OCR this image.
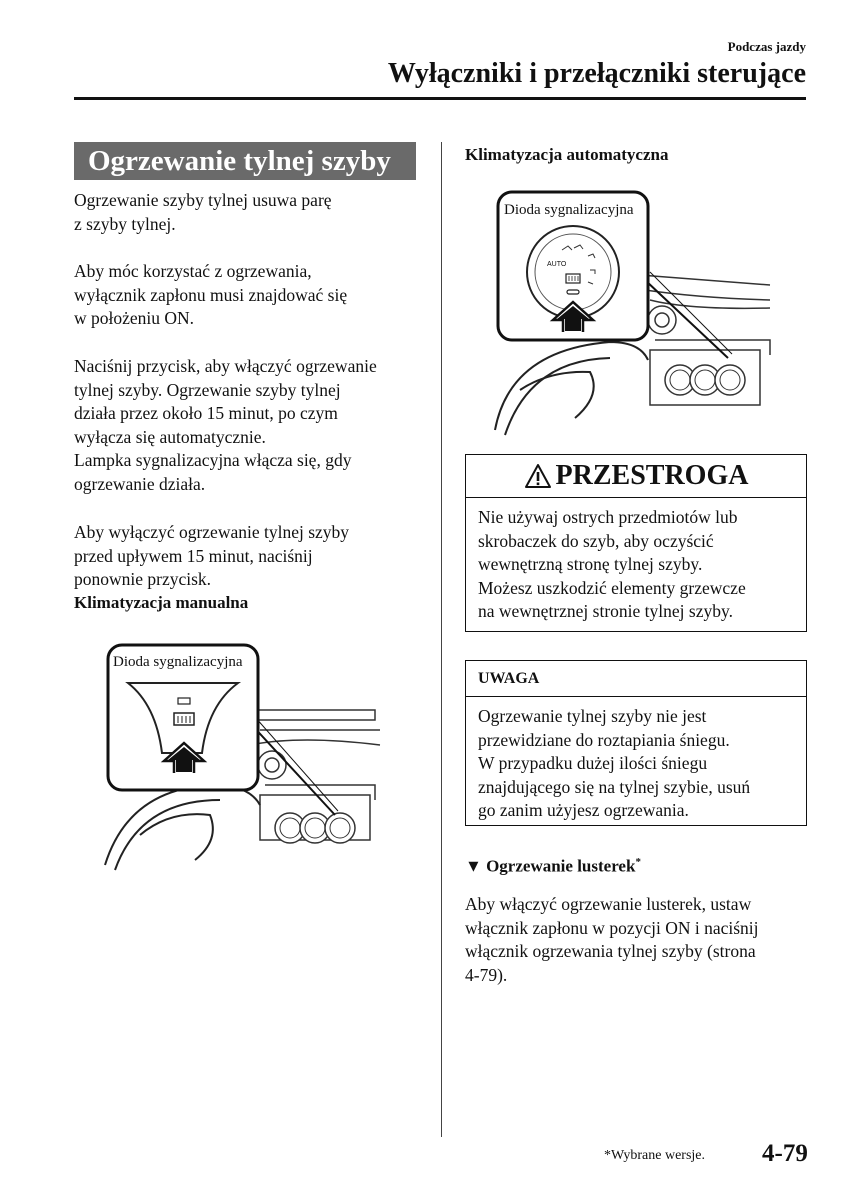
Podczas jazdy
Wyłączniki i przełączniki sterujące
Ogrzewanie tylnej szyby

Ogrzewanie szyby tylnej usuwa parę

z szyby tylnej.

Aby móc korzystać z ogrzewania,

wyłącznik zapłonu musi znajdować się

w położeniu ON.

Naciśnij przycisk, aby włączyć ogrzewanie

tylnej szyby. Ogrzewanie szyby tylnej

działa przez około 15 minut, po czym

wyłącza się automatycznie.

Lampka sygnalizacyjna włącza się, gdy

ogrzewanie działa.

Aby wyłączyć ogrzewanie tylnej szyby

przed upływem 15 minut, naciśnij

ponownie przycisk.

Klimatyzacja manualna
Dioda sygnalizacyjna
Klimatyzacja automatyczna
AUTO
Dioda sygnalizacyjna
PRZESTROGA
Nie używaj ostrych przedmiotów lub
skrobaczek do szyb, aby oczyścić
wewnętrzną stronę tylnej szyby.
Możesz uszkodzić elementy grzewcze
na wewnętrznej stronie tylnej szyby.
UWAGA
Ogrzewanie tylnej szyby nie jest
przewidziane do roztapiania śniegu.
W przypadku dużej ilości śniegu
znajdującego się na tylnej szybie, usuń
go zanim użyjesz ogrzewania.
▼ Ogrzewanie lusterek*

Aby włączyć ogrzewanie lusterek, ustaw

włącznik zapłonu w pozycji ON i naciśnij

włącznik ogrzewania tylnej szyby (strona

4-79).

*Wybrane wersje. 4-79
